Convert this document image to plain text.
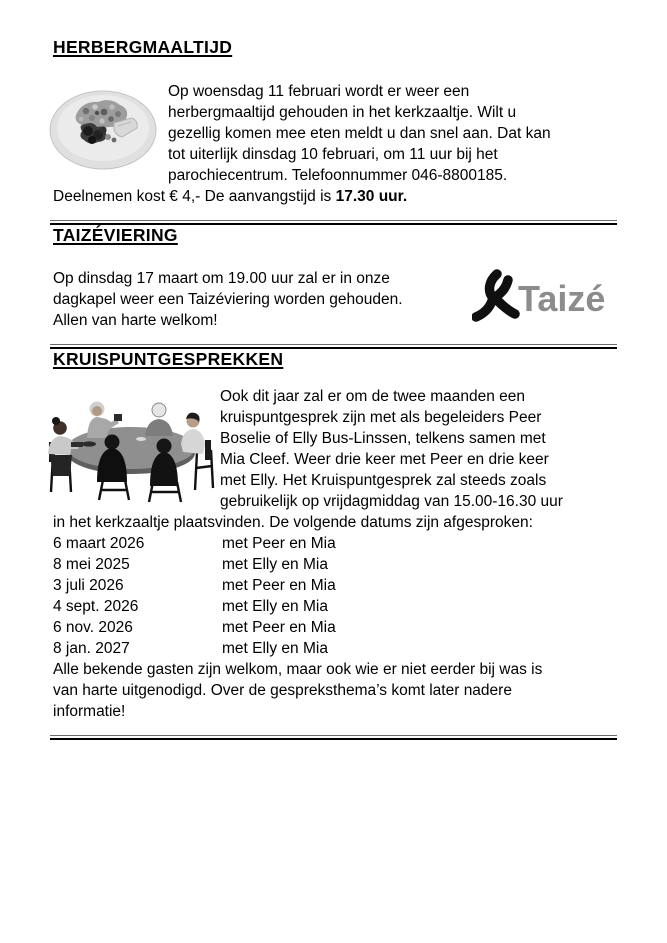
HERBERGMAALTIJD
Op woensdag 11 februari wordt er weer een
herbergmaaltijd gehouden in het kerkzaaltje. Wilt u
gezellig komen mee eten meldt u dan snel aan. Dat kan
tot uiterlijk dinsdag 10 februari, om 11 uur bij het
parochiecentrum. Telefoonnummer 046-8800185.
Deelnemen kost € 4,- De aanvangstijd is 17.30 uur.
TAIZÉVIERING
Op dinsdag 17 maart om 19.00 uur zal er in onze
dagkapel weer een Taizéviering worden gehouden.
Allen van harte welkom!
Taizé
KRUISPUNTGESPREKKEN
Ook dit jaar zal er om de twee maanden een
kruispuntgesprek zijn met als begeleiders Peer
Boselie of Elly Bus-Linssen, telkens samen met
Mia Cleef. Weer drie keer met Peer en drie keer
met Elly. Het Kruispuntgesprek zal steeds zoals
gebruikelijk op vrijdagmiddag van 15.00-16.30 uur
in het kerkzaaltje plaatsvinden. De volgende datums zijn afgesproken:
6 maart 2026	met Peer en Mia
8 mei 2025	met Elly en Mia
3 juli 2026	met Peer en Mia
4 sept. 2026	met Elly en Mia
6 nov. 2026	met Peer en Mia
8 jan. 2027	met Elly en Mia
Alle bekende gasten zijn welkom, maar ook wie er niet eerder bij was is
van harte uitgenodigd. Over de gespreksthema’s komt later nadere
informatie!
